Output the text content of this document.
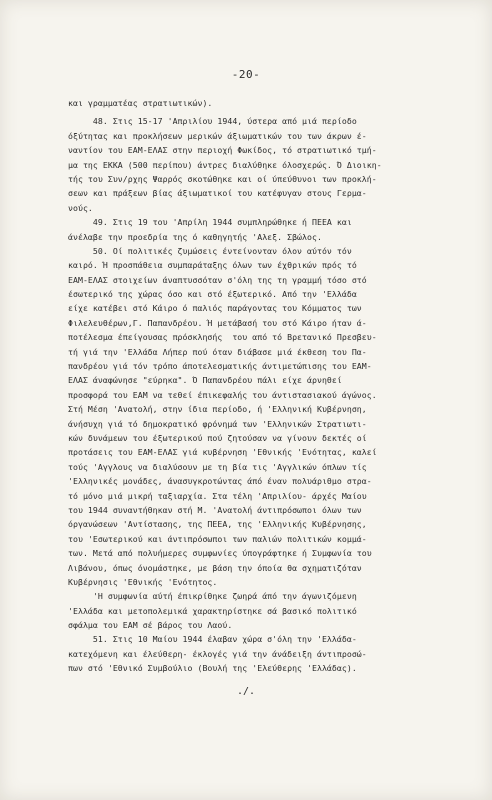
-20-
και γραμματέας στρατιωτικών).
48. Στις 15-17 'Απριλίου 1944, ύστερα από μιά περίοδο
όξύτητας και προκλήσεων μερικών άξιωματικών του των άκρων έ-
ναντίον του ΕΑΜ-ΕΛΑΣ στην περιοχή Φωκίδος, τό στρατιωτικό τμή-
μα της ΕΚΚΑ (500 περίπου) άντρες διαλύθηκε όλοσχερώς. Ό Διοικη-
τής του Συν/ρχης Ψαρρός σκοτώθηκε και οί ύπεύθυνοι των προκλή-
σεων και πράξεων βίας άξιωματικοί του κατέφυγαν στους Γερμα-
νούς.
49. Στις 19 του 'Απρίλη 1944 συμπληρώθηκε ή ΠΕΕΑ και
άνέλαβε την προεδρία της ό καθηγητής 'Αλεξ. Σβώλος.
50. Οί πολιτικές ζυμώσεις έντείνονταν όλον αύτόν τόν
καιρό. Ή προσπάθεια συμπαράταξης όλων των έχθρικών πρός τό
ΕΑΜ-ΕΛΑΣ στοιχείων άναπτυσσόταν σ'όλη της τη γραμμή τόσο στό
έσωτερικό της χώρας όσο και στό έξωτερικό. Από την 'Ελλάδα
είχε κατέβει στό Κάιρο ό παλιός παράγοντας του Κόμματος των
Φιλελευθέρων,Γ. Παπανδρέου. Ή μετάβασή του στό Κάιρο ήταν ά-
ποτέλεσμα έπείγουσας πρόσκλησής  του από τό Βρετανικό Πρεσβευ-
τή γιά την 'Ελλάδα Λήπερ πού όταν διάβασε μιά έκθεση του Πα-
πανδρέου γιά τόν τρόπο άποτελεσματικής άντιμετώπισης του ΕΑΜ-
ΕΛΑΣ άναφώνησε "εύρηκα". Ό Παπανδρέου πάλι είχε άρνηθεί
προσφορά του ΕΑΜ να τεθεί έπικεφαλής του άντιστασιακού άγώνος.
Στή Μέση 'Ανατολή, στην ίδια περίοδο, ή 'Ελληνική Κυβέρνηση,
άνήσυχη γιά τό δημοκρατικό φρόνημά των 'Ελληνικών Στρατιωτι-
κών δυνάμεων του έξωτερικού πού ζητούσαν να γίνουν δεκτές οί
προτάσεις του ΕΑΜ-ΕΛΑΣ γιά κυβέρνηση 'Εθνικής 'Ενότητας, καλεί
τούς 'Αγγλους να διαλύσουν με τη βία τις 'Αγγλικών όπλων τίς
'Ελληνικές μονάδες, άνασυγκροτώντας άπό έναν πολυάριθμο στρα-
τό μόνο μιά μικρή ταξιαρχία. Στα τέλη 'Απριλίου- άρχές Μαίου
του 1944 συναντήθηκαν στή Μ. 'Ανατολή άντιπρόσωποι όλων των
όργανώσεων 'Αντίστασης, της ΠΕΕΑ, της 'Ελληνικής Κυβέρνησης,
του 'Εσωτερικού και άντιπρόσωποι των παλιών πολιτικών κομμά-
των. Μετά από πολυήμερες συμφωνίες ύπογράφτηκε ή Συμφωνία του
Λιβάνου, όπως όνομάστηκε, με βάση την όποία θα σχηματιζόταν
Κυβέρνησις 'Εθνικής 'Ενότητος.
'Η συμφωνία αύτή έπικρίθηκε ζωηρά άπό την άγωνιζόμενη
'Ελλάδα και μετοπολεμικά χαρακτηρίστηκε σά βασικό πολιτικό
σφάλμα του ΕΑΜ σέ βάρος του Λαού.
51. Στις 10 Μαίου 1944 έλαβαν χώρα σ'όλη την 'Ελλάδα-
κατεχόμενη και έλεύθερη- έκλογές γιά την άνάδειξη άντιπροσώ-
πων στό 'Εθνικό Συμβούλιο (Βουλή της 'Ελεύθερης 'Ελλάδας).
./.
